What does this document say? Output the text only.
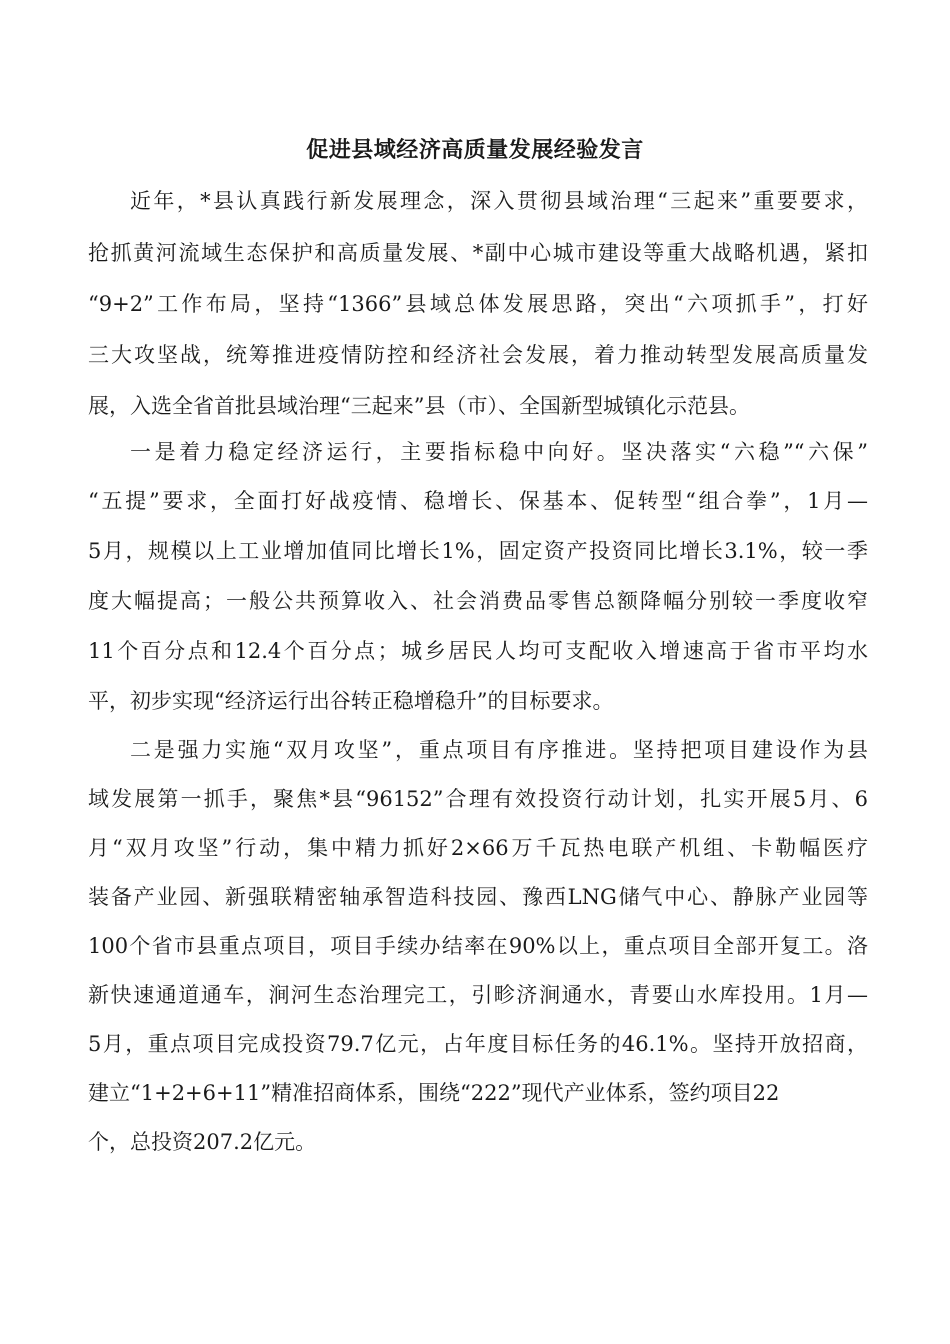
促进县域经济高质量发展经验发言

近年，*县认真践行新发展理念，深入贯彻县域治理“三起来”重要要求，

抢抓黄河流域生态保护和高质量发展、*副中心城市建设等重大战略机遇，紧扣

“9+2”工作布局，坚持“1366”县域总体发展思路，突出“六项抓手”，打好

三大攻坚战，统筹推进疫情防控和经济社会发展，着力推动转型发展高质量发

展，入选全省首批县域治理“三起来”县（市）、全国新型城镇化示范县。

一是着力稳定经济运行，主要指标稳中向好。坚决落实“六稳”“六保”

“五提”要求，全面打好战疫情、稳增长、保基本、促转型“组合拳”，1月—

5月，规模以上工业增加值同比增长1%，固定资产投资同比增长3.1%，较一季

度大幅提高；一般公共预算收入、社会消费品零售总额降幅分别较一季度收窄

11个百分点和12.4个百分点；城乡居民人均可支配收入增速高于省市平均水

平，初步实现“经济运行出谷转正稳增稳升”的目标要求。

二是强力实施“双月攻坚”，重点项目有序推进。坚持把项目建设作为县

域发展第一抓手，聚焦*县“96152”合理有效投资行动计划，扎实开展5月、6

月“双月攻坚”行动，集中精力抓好2×66万千瓦热电联产机组、卡勒幅医疗

装备产业园、新强联精密轴承智造科技园、豫西LNG储气中心、静脉产业园等

100个省市县重点项目，项目手续办结率在90%以上，重点项目全部开复工。洛

新快速通道通车，涧河生态治理完工，引畛济涧通水，青要山水库投用。1月—

5月，重点项目完成投资79.7亿元，占年度目标任务的46.1%。坚持开放招商，

建立“1+2+6+11”精准招商体系，围绕“222”现代产业体系，签约项目22

个，总投资207.2亿元。
